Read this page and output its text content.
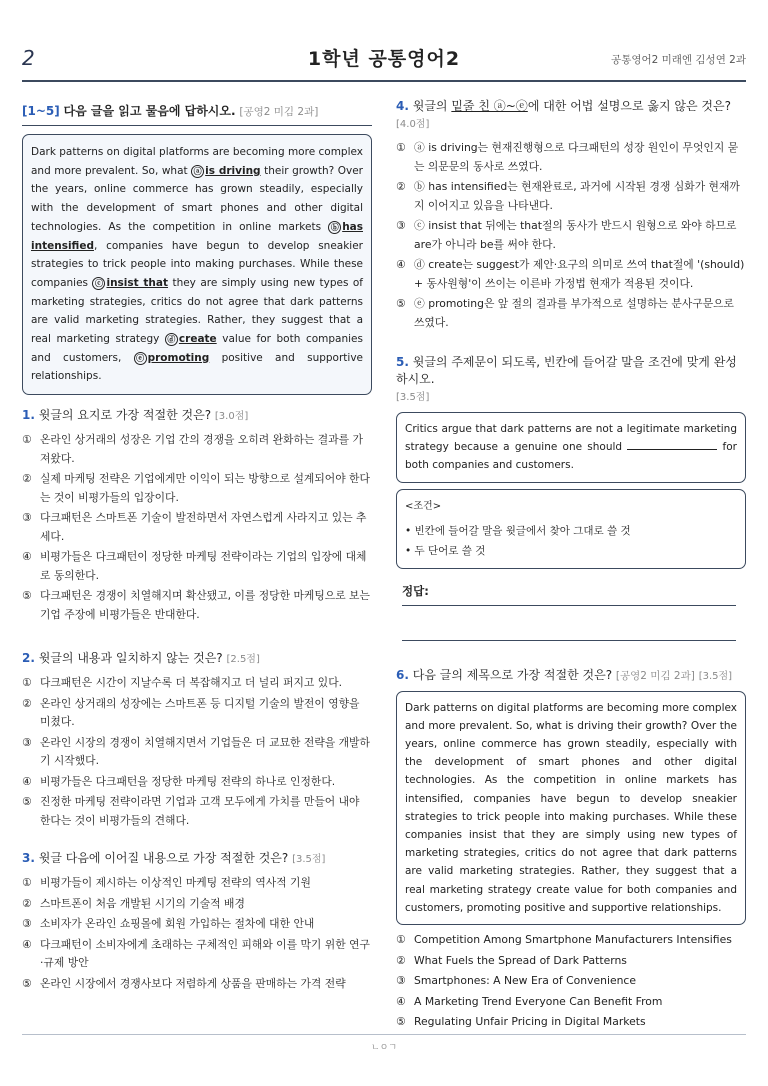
2	1학년 공통영어2	공통영어2 미래엔 김성연 2과
[1~5] 다음 글을 읽고 물음에 답하시오. [공영2 미김 2과]
Dark patterns on digital platforms are becoming more complex and more prevalent. So, what ⓐ is driving their growth? Over the years, online commerce has grown steadily, especially with the development of smart phones and other digital technologies. As the competition in online markets ⓑ has intensified, companies have begun to develop sneakier strategies to trick people into making purchases. While these companies ⓒ insist that they are simply using new types of marketing strategies, critics do not agree that dark patterns are valid marketing strategies. Rather, they suggest that a real marketing strategy ⓓ create value for both companies and customers, ⓔ promoting positive and supportive relationships.
1. 윗글의 요지로 가장 적절한 것은? [3.0점]
① 온라인 상거래의 성장은 기업 간의 경쟁을 오히려 완화하는 결과를 가져왔다.
② 실제 마케팅 전략은 기업에게만 이익이 되는 방향으로 설계되어야 한다는 것이 비평가들의 입장이다.
③ 다크패턴은 스마트폰 기술이 발전하면서 자연스럽게 사라지고 있는 추세다.
④ 비평가들은 다크패턴이 정당한 마케팅 전략이라는 기업의 입장에 대체로 동의한다.
⑤ 다크패턴은 경쟁이 치열해지며 확산됐고, 이를 정당한 마케팅으로 보는 기업 주장에 비평가들은 반대한다.
2. 윗글의 내용과 일치하지 않는 것은? [2.5점]
① 다크패턴은 시간이 지날수록 더 복잡해지고 더 널리 퍼지고 있다.
② 온라인 상거래의 성장에는 스마트폰 등 디지털 기술의 발전이 영향을 미쳤다.
③ 온라인 시장의 경쟁이 치열해지면서 기업들은 더 교묘한 전략을 개발하기 시작했다.
④ 비평가들은 다크패턴을 정당한 마케팅 전략의 하나로 인정한다.
⑤ 진정한 마케팅 전략이라면 기업과 고객 모두에게 가치를 만들어 내야 한다는 것이 비평가들의 견해다.
3. 윗글 다음에 이어질 내용으로 가장 적절한 것은? [3.5점]
① 비평가들이 제시하는 이상적인 마케팅 전략의 역사적 기원
② 스마트폰이 처음 개발된 시기의 기술적 배경
③ 소비자가 온라인 쇼핑몰에 회원 가입하는 절차에 대한 안내
④ 다크패턴이 소비자에게 초래하는 구체적인 피해와 이를 막기 위한 연구·규제 방안
⑤ 온라인 시장에서 경쟁사보다 저렴하게 상품을 판매하는 가격 전략
4. 윗글의 밑줄 친 ⓐ~ⓔ에 대한 어법 설명으로 옳지 않은 것은? [4.0점]
① ⓐ is driving는 현재진행형으로 다크패턴의 성장 원인이 무엇인지 묻는 의문문의 동사로 쓰였다.
② ⓑ has intensified는 현재완료로, 과거에 시작된 경쟁 심화가 현재까지 이어지고 있음을 나타낸다.
③ ⓒ insist that 뒤에는 that절의 동사가 반드시 원형으로 와야 하므로 are가 아니라 be를 써야 한다.
④ ⓓ create는 suggest가 제안·요구의 의미로 쓰여 that절에 '(should) + 동사원형'이 쓰이는 이른바 가정법 현재가 적용된 것이다.
⑤ ⓔ promoting은 앞 절의 결과를 부가적으로 설명하는 분사구문으로 쓰였다.
5. 윗글의 주제문이 되도록, 빈칸에 들어갈 말을 조건에 맞게 완성하시오.
[3.5점]
Critics argue that dark patterns are not a legitimate marketing strategy because a genuine one should	for both companies and customers.
<조건>
• 빈칸에 들어갈 말을 윗글에서 찾아 그대로 쓸 것
• 두 단어로 쓸 것
정답:
6. 다음 글의 제목으로 가장 적절한 것은? [공영2 미김 2과] [3.5점]
Dark patterns on digital platforms are becoming more complex and more prevalent. So, what is driving their growth? Over the years, online commerce has grown steadily, especially with the development of smart phones and other digital technologies. As the competition in online markets has intensified, companies have begun to develop sneakier strategies to trick people into making purchases. While these companies insist that they are simply using new types of marketing strategies, critics do not agree that dark patterns are valid marketing strategies. Rather, they suggest that a real marketing strategy create value for both companies and customers, promoting positive and supportive relationships.
① Competition Among Smartphone Manufacturers Intensifies
② What Fuels the Spread of Dark Patterns
③ Smartphones: A New Era of Convenience
④ A Marketing Trend Everyone Can Benefit From
⑤ Regulating Unfair Pricing in Digital Markets
ㄴㅇㄱ
